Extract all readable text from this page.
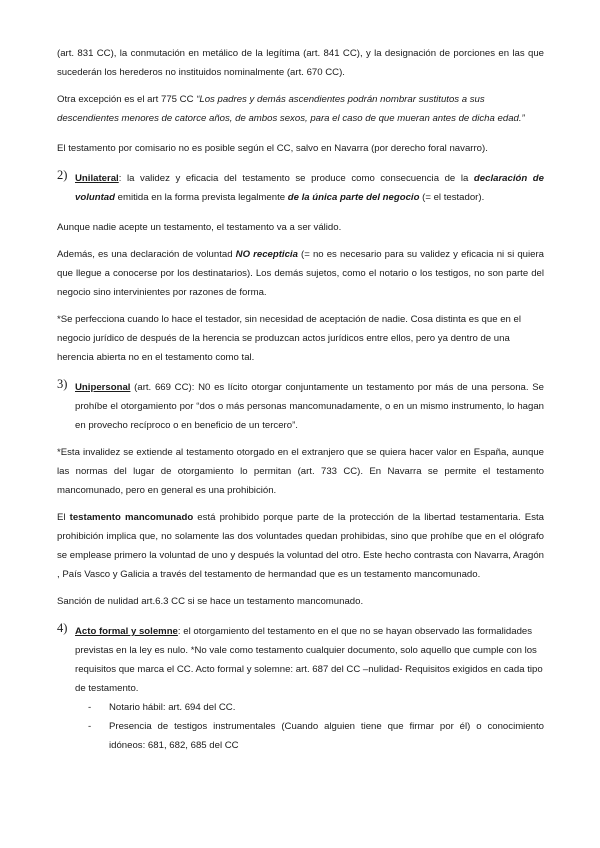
(art. 831 CC), la conmutación en metálico de la legítima (art. 841 CC), y la designación de porciones en las que sucederán los herederos no instituidos nominalmente (art. 670 CC).

Otra excepción es el art 775 CC “Los padres y demás ascendientes podrán nombrar sustitutos a sus descendientes menores de catorce años, de ambos sexos, para el caso de que mueran antes de dicha edad.”

El testamento por comisario no es posible según el CC, salvo en Navarra (por derecho foral navarro).

2) Unilateral: la validez y eficacia del testamento se produce como consecuencia de la declaración de voluntad emitida en la forma prevista legalmente de la única parte del negocio (= el testador).

Aunque nadie acepte un testamento, el testamento va a ser válido.

Además, es una declaración de voluntad NO recepticia (= no es necesario para su validez y eficacia ni si quiera que llegue a conocerse por los destinatarios). Los demás sujetos, como el notario o los testigos, no son parte del negocio sino intervinientes por razones de forma.

*Se perfecciona cuando lo hace el testador, sin necesidad de aceptación de nadie. Cosa distinta es que en el negocio jurídico de después de la herencia se produzcan actos jurídicos entre ellos, pero ya dentro de una herencia abierta no en el testamento como tal.

3) Unipersonal (art. 669 CC): N0 es lícito otorgar conjuntamente un testamento por más de una persona. Se prohíbe el otorgamiento por “dos o más personas mancomunadamente, o en un mismo instrumento, lo hagan en provecho recíproco o en beneficio de un tercero”.

*Esta invalidez se extiende al testamento otorgado en el extranjero que se quiera hacer valor en España, aunque las normas del lugar de otorgamiento lo permitan (art. 733 CC). En Navarra se permite el testamento mancomunado, pero en general es una prohibición.

El testamento mancomunado está prohibido porque parte de la protección de la libertad testamentaria. Esta prohibición implica que, no solamente las dos voluntades quedan prohibidas, sino que prohíbe que en el ológrafo se emplease primero la voluntad de uno y después la voluntad del otro. Este hecho contrasta con Navarra, Aragón , País Vasco y Galicia a través del testamento de hermandad que es un testamento mancomunado.

Sanción de nulidad art.6.3 CC si se hace un testamento mancomunado.

4) Acto formal y solemne: el otorgamiento del testamento en el que no se hayan observado las formalidades previstas en la ley es nulo. *No vale como testamento cualquier documento, solo aquello que cumple con los requisitos que marca el CC. Acto formal y solemne: art. 687 del CC –nulidad- Requisitos exigidos en cada tipo de testamento.

- Notario hábil: art. 694 del CC.
- Presencia de testigos instrumentales (Cuando alguien tiene que firmar por él) o conocimiento idóneos: 681, 682, 685 del CC
